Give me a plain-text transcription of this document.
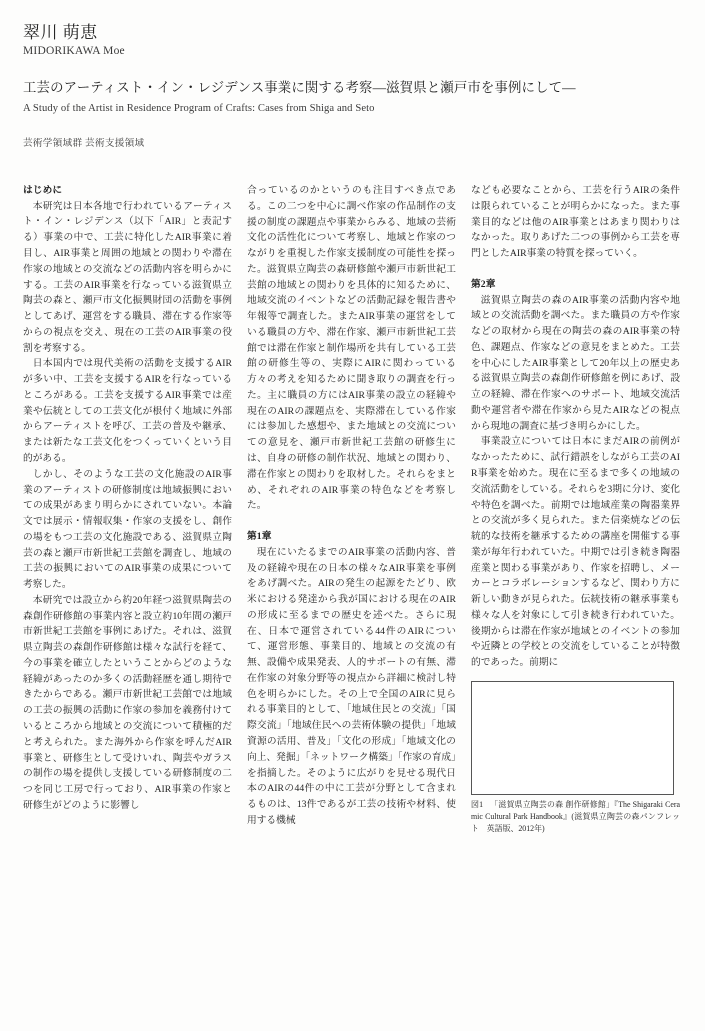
翠川 萌恵
MIDORIKAWA Moe
工芸のアーティスト・イン・レジデンス事業に関する考察―滋賀県と瀬戸市を事例にして―
A Study of the Artist in Residence Program of Crafts: Cases from Shiga and Seto
芸術学領域群 芸術支援領域
はじめに

本研究は日本各地で行われているアーティスト・イン・レジデンス（以下「AIR」と表記する）事業の中で、工芸に特化したAIR事業に着目し、AIR事業と周囲の地域との関わりや滞在作家の地域との交流などの活動内容を明らかにする。工芸のAIR事業を行なっている滋賀県立陶芸の森と、瀬戸市文化振興財団の活動を事例としてあげ、運営をする職員、滞在する作家等からの視点を交え、現在の工芸のAIR事業の役割を考察する。

日本国内では現代美術の活動を支援するAIRが多い中、工芸を支援するAIRを行なっているところがある。工芸を支援するAIR事業では産業や伝統としての工芸文化が根付く地域に外部からアーティストを呼び、工芸の普及や継承、または新たな工芸文化をつくっていくという目的がある。

しかし、そのような工芸の文化施設のAIR事業のアーティストの研修制度は地域振興においての成果があまり明らかにされていない。本論文では展示・情報収集・作家の支援をし、創作の場をもつ工芸の文化施設である、滋賀県立陶芸の森と瀬戸市新世紀工芸館を調査し、地域の工芸の振興においてのAIR事業の成果について考察した。

本研究では設立から約20年経つ滋賀県陶芸の森創作研修館の事業内容と設立約10年間の瀬戸市新世紀工芸館を事例にあげた。それは、滋賀県立陶芸の森創作研修館は様々な試行を経て、今の事業を確立したということからどのような経緯があったのか多くの活動経歴を通し期待できたからである。瀬戸市新世紀工芸館では地域の工芸の振興の活動に作家の参加を義務付けているところから地域との交流について積極的だと考えられた。また海外から作家を呼んだAIR事業と、研修生として受けいれ、陶芸やガラスの制作の場を提供し支援している研修制度の二つを同じ工房で行っており、AIR事業の作家と研修生がどのように影響し

合っているのかというのも注目すべき点である。この二つを中心に調べ作家の作品制作の支援の制度の課題点や事業からみる、地域の芸術文化の活性化について考察し、地域と作家のつながりを重視した作家支援制度の可能性を探った。滋賀県立陶芸の森研修館や瀬戸市新世紀工芸館の地域との関わりを具体的に知るために、地域交流のイベントなどの活動記録を報告書や年報等で調査した。またAIR事業の運営をしている職員の方や、滞在作家、瀬戸市新世紀工芸館では滞在作家と制作場所を共有している工芸館の研修生等の、実際にAIRに関わっている方々の考えを知るために聞き取りの調査を行った。主に職員の方にはAIR事業の設立の経緯や現在のAIRの課題点を、実際滞在している作家には参加した感想や、また地域との交流についての意見を、瀬戸市新世紀工芸館の研修生には、自身の研修の制作状況、地域との関わり、滞在作家との関わりを取材した。それらをまとめ、それぞれのAIR事業の特色などを考察した。

第1章

現在にいたるまでのAIR事業の活動内容、普及の経緯や現在の日本の様々なAIR事業を事例をあげ調べた。AIRの発生の起源をたどり、欧米における発達から我が国における現在のAIRの形成に至るまでの歴史を述べた。さらに現在、日本で運営されている44件のAIRについて、運営形態、事業目的、地域との交流の有無、設備や成果発表、人的サポートの有無、滞在作家の対象分野等の視点から詳細に検討し特色を明らかにした。その上で全国のAIRに見られる事業目的として、「地域住民との交流」「国際交流」「地域住民への芸術体験の提供」「地域資源の活用、普及」「文化の形成」「地域文化の向上、発掘」「ネットワーク構築」「作家の育成」を指摘した。そのように広がりを見せる現代日本のAIRの44件の中に工芸が分野として含まれるものは、13件であるが工芸の技術や材料、使用する機械

なども必要なことから、工芸を行うAIRの条件は限られていることが明らかになった。また事業目的などは他のAIR事業とはあまり関わりはなかった。取りあげた二つの事例から工芸を専門としたAIR事業の特質を探っていく。

第2章

滋賀県立陶芸の森のAIR事業の活動内容や地域との交流活動を調べた。また職員の方や作家などの取材から現在の陶芸の森のAIR事業の特色、課題点、作家などの意見をまとめた。工芸を中心にしたAIR事業として20年以上の歴史ある滋賀県立陶芸の森創作研修館を例にあげ、設立の経緯、滞在作家へのサポート、地域交流活動や運営者や滞在作家から見たAIRなどの視点から現地の調査に基づき明らかにした。

事業設立については日本にまだAIRの前例がなかったために、試行錯誤をしながら工芸のAIR事業を始めた。現在に至るまで多くの地域の交流活動をしている。それらを3期に分け、変化や特色を調べた。前期では地域産業の陶器業界との交流が多く見られた。また信楽焼などの伝統的な技術を継承するための講座を開催する事業が毎年行われていた。中期では引き続き陶器産業と関わる事業があり、作家を招聘し、メーカーとコラボレーションするなど、関わり方に新しい動きが見られた。伝統技術の継承事業も様々な人を対象にして引き続き行われていた。後期からは滞在作家が地域とのイベントの参加や近隣との学校との交流をしていることが特徴的であった。前期に

図1 「滋賀県立陶芸の森 創作研修館」『The Shigaraki Ceramic Cultural Park Handbook』(滋賀県立陶芸の森パンフレット　英語版、2012年)
